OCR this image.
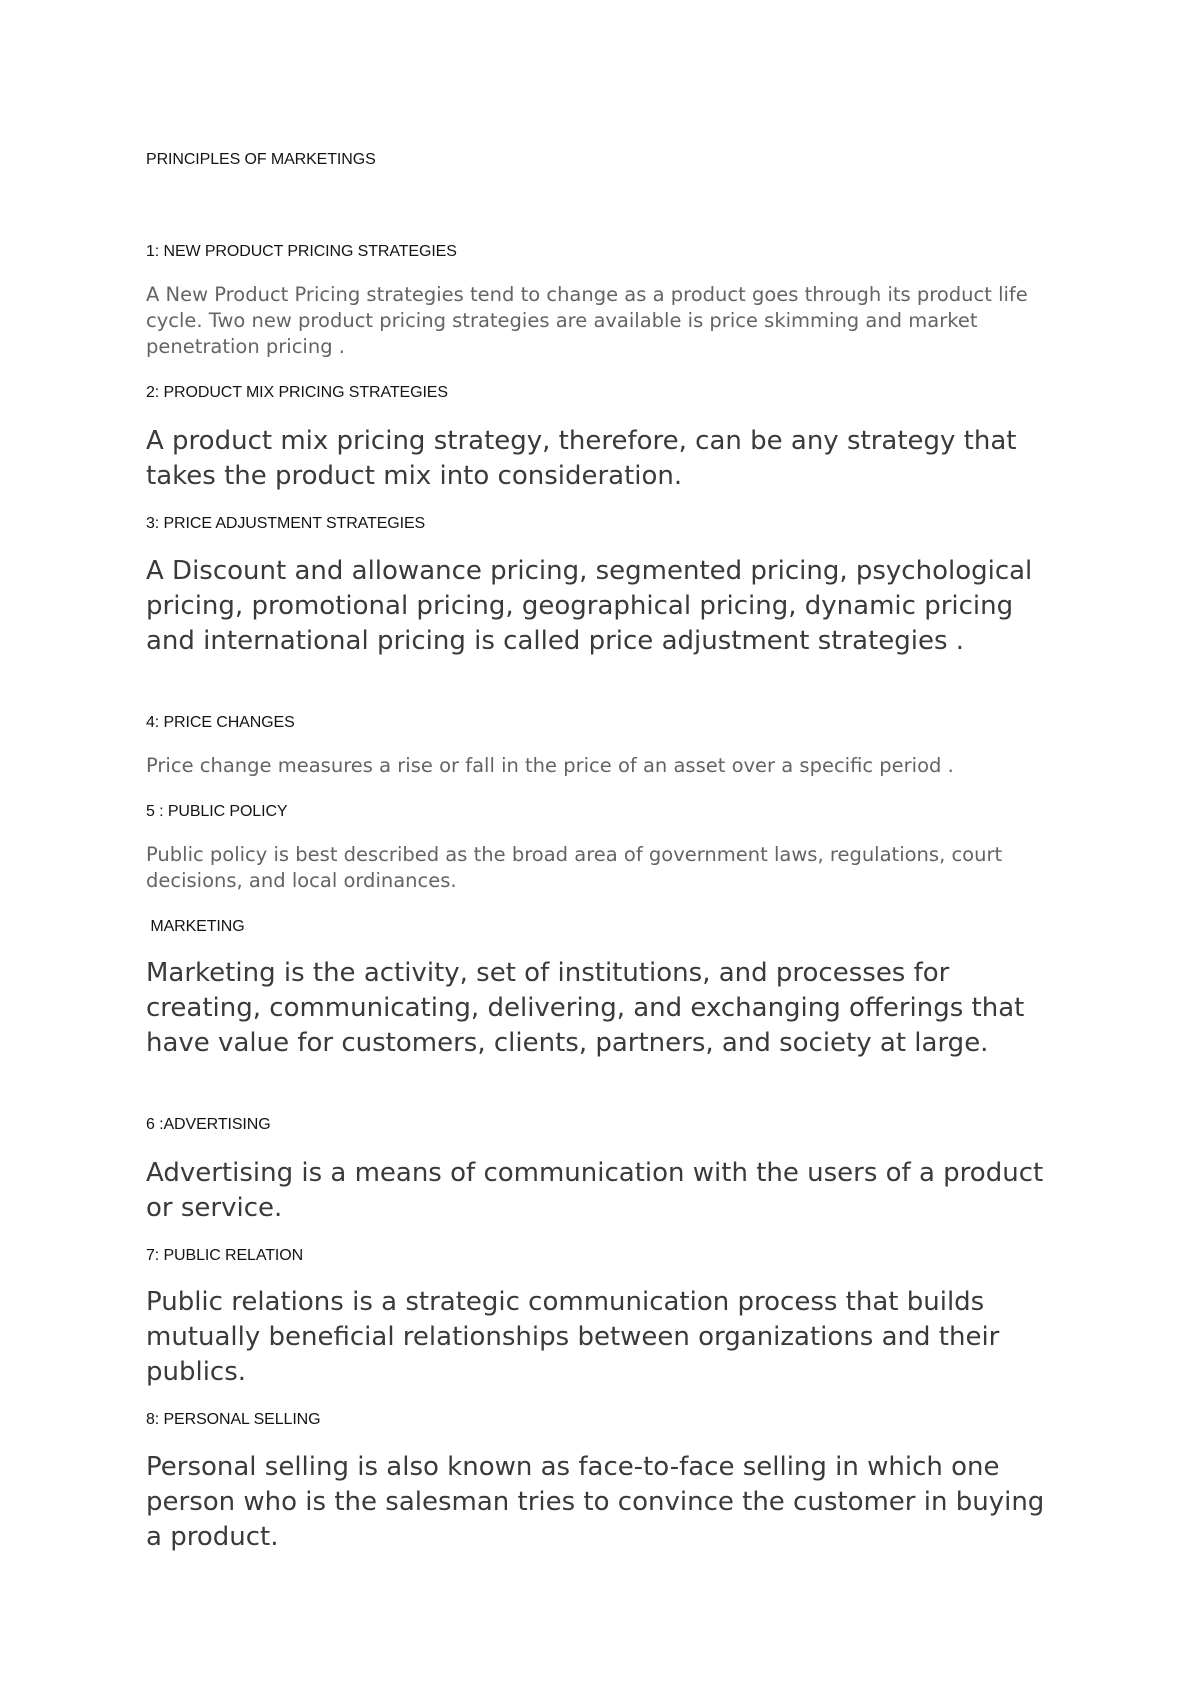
PRINCIPLES OF MARKETINGS

1: NEW PRODUCT PRICING STRATEGIES

A New Product Pricing strategies tend to change as a product goes through its product life cycle. Two new product pricing strategies are available is price skimming and market penetration pricing .

2: PRODUCT MIX PRICING STRATEGIES

A product mix pricing strategy, therefore, can be any strategy that takes the product mix into consideration.

3: PRICE ADJUSTMENT STRATEGIES

A Discount and allowance pricing, segmented pricing, psychological pricing, promotional pricing, geographical pricing, dynamic pricing and international pricing is called price adjustment strategies .

4: PRICE CHANGES

Price change measures a rise or fall in the price of an asset over a specific period .

5 : PUBLIC POLICY

Public policy is best described as the broad area of government laws, regulations, court decisions, and local ordinances.

MARKETING

Marketing is the activity, set of institutions, and processes for creating, communicating, delivering, and exchanging offerings that have value for customers, clients, partners, and society at large.

6 :ADVERTISING

Advertising is a means of communication with the users of a product or service.

7: PUBLIC RELATION

Public relations is a strategic communication process that builds mutually beneficial relationships between organizations and their publics.

8: PERSONAL SELLING

Personal selling is also known as face-to-face selling in which one person who is the salesman tries to convince the customer in buying a product.
